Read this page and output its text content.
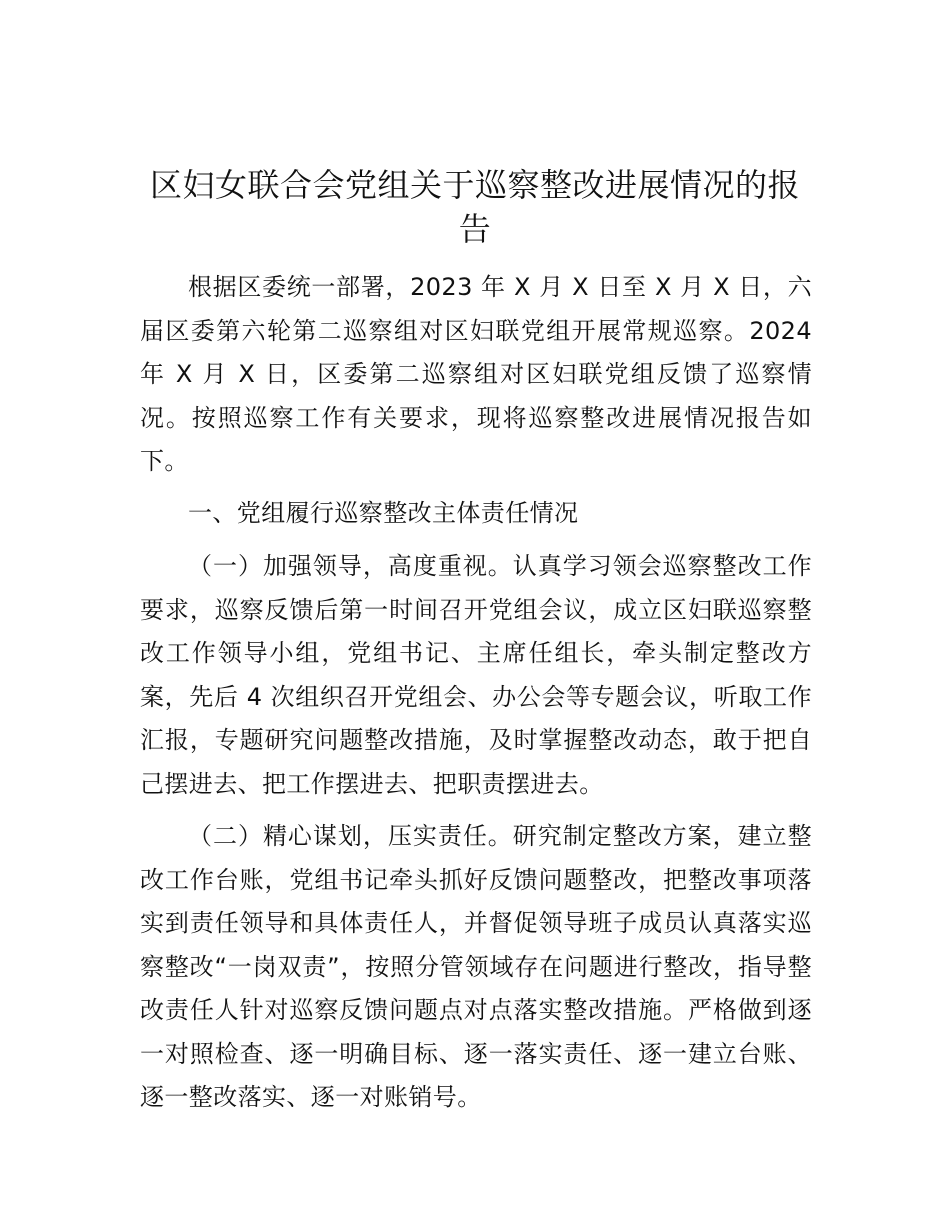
区妇女联合会党组关于巡察整改进展情况的报告

根据区委统一部署，2023 年 X 月 X 日至 X 月 X 日，六届区委第六轮第二巡察组对区妇联党组开展常规巡察。2024 年 X 月 X 日，区委第二巡察组对区妇联党组反馈了巡察情况。按照巡察工作有关要求，现将巡察整改进展情况报告如下。

一、党组履行巡察整改主体责任情况

（一）加强领导，高度重视。认真学习领会巡察整改工作要求，巡察反馈后第一时间召开党组会议，成立区妇联巡察整改工作领导小组，党组书记、主席任组长，牵头制定整改方案，先后 4 次组织召开党组会、办公会等专题会议，听取工作汇报，专题研究问题整改措施，及时掌握整改动态，敢于把自己摆进去、把工作摆进去、把职责摆进去。

（二）精心谋划，压实责任。研究制定整改方案，建立整改工作台账，党组书记牵头抓好反馈问题整改，把整改事项落实到责任领导和具体责任人，并督促领导班子成员认真落实巡察整改“一岗双责”，按照分管领域存在问题进行整改，指导整改责任人针对巡察反馈问题点对点落实整改措施。严格做到逐一对照检查、逐一明确目标、逐一落实责任、逐一建立台账、逐一整改落实、逐一对账销号。
